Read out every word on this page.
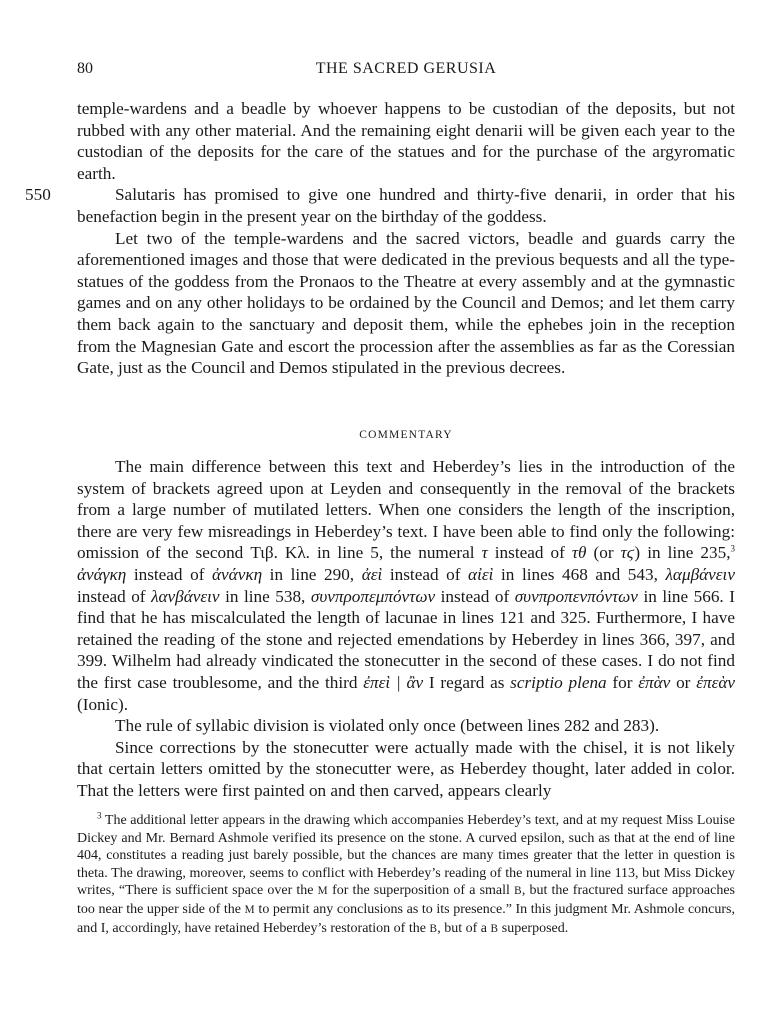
80	THE SACRED GERUSIA

temple-wardens and a beadle by whoever happens to be custodian of the deposits, but not rubbed with any other material. And the remaining eight denarii will be given each year to the custodian of the deposits for the care of the statues and for the purchase of the argyromatic earth.

550	Salutaris has promised to give one hundred and thirty-five denarii, in order that his benefaction begin in the present year on the birthday of the goddess.

Let two of the temple-wardens and the sacred victors, beadle and guards carry the aforementioned images and those that were dedicated in the previous bequests and all the type-statues of the goddess from the Pronaos to the Theatre at every assembly and at the gymnastic games and on any other holidays to be ordained by the Council and Demos; and let them carry them back again to the sanctuary and deposit them, while the ephebes join in the reception from the Magnesian Gate and escort the procession after the assemblies as far as the Coressian Gate, just as the Council and Demos stipulated in the previous decrees.

COMMENTARY

The main difference between this text and Heberdey’s lies in the introduction of the system of brackets agreed upon at Leyden and consequently in the removal of the brackets from a large number of mutilated letters. When one considers the length of the inscription, there are very few misreadings in Heberdey’s text. I have been able to find only the following: omission of the second Τιβ. Κλ. in line 5, the numeral τ instead of τθ (or τϛ) in line 235,$^3$ ἀνάγκη instead of ἀνάνκη in line 290, ἀεὶ instead of αἰεὶ in lines 468 and 543, λαμβάνειν instead of λανβάνειν in line 538, συνπροπεμπόντων instead of συνπροπενπόντων in line 566. I find that he has miscalculated the length of lacunae in lines 121 and 325. Furthermore, I have retained the reading of the stone and rejected emendations by Heberdey in lines 366, 397, and 399. Wilhelm had already vindicated the stonecutter in the second of these cases. I do not find the first case troublesome, and the third ἐπεὶ | ἂν I regard as scriptio plena for ἐπὰν or ἐπεὰν (Ionic).

The rule of syllabic division is violated only once (between lines 282 and 283).

Since corrections by the stonecutter were actually made with the chisel, it is not likely that certain letters omitted by the stonecutter were, as Heberdey thought, later added in color. That the letters were first painted on and then carved, appears clearly

$^3$ The additional letter appears in the drawing which accompanies Heberdey’s text, and at my request Miss Louise Dickey and Mr. Bernard Ashmole verified its presence on the stone. A curved epsilon, such as that at the end of line 404, constitutes a reading just barely possible, but the chances are many times greater that the letter in question is theta. The drawing, moreover, seems to conflict with Heberdey’s reading of the numeral in line 113, but Miss Dickey writes, “There is sufficient space over the M for the superposition of a small B, but the fractured surface approaches too near the upper side of the M to permit any conclusions as to its presence.” In this judgment Mr. Ashmole concurs, and I, accordingly, have retained Heberdey’s restoration of the B, but of a B superposed.
